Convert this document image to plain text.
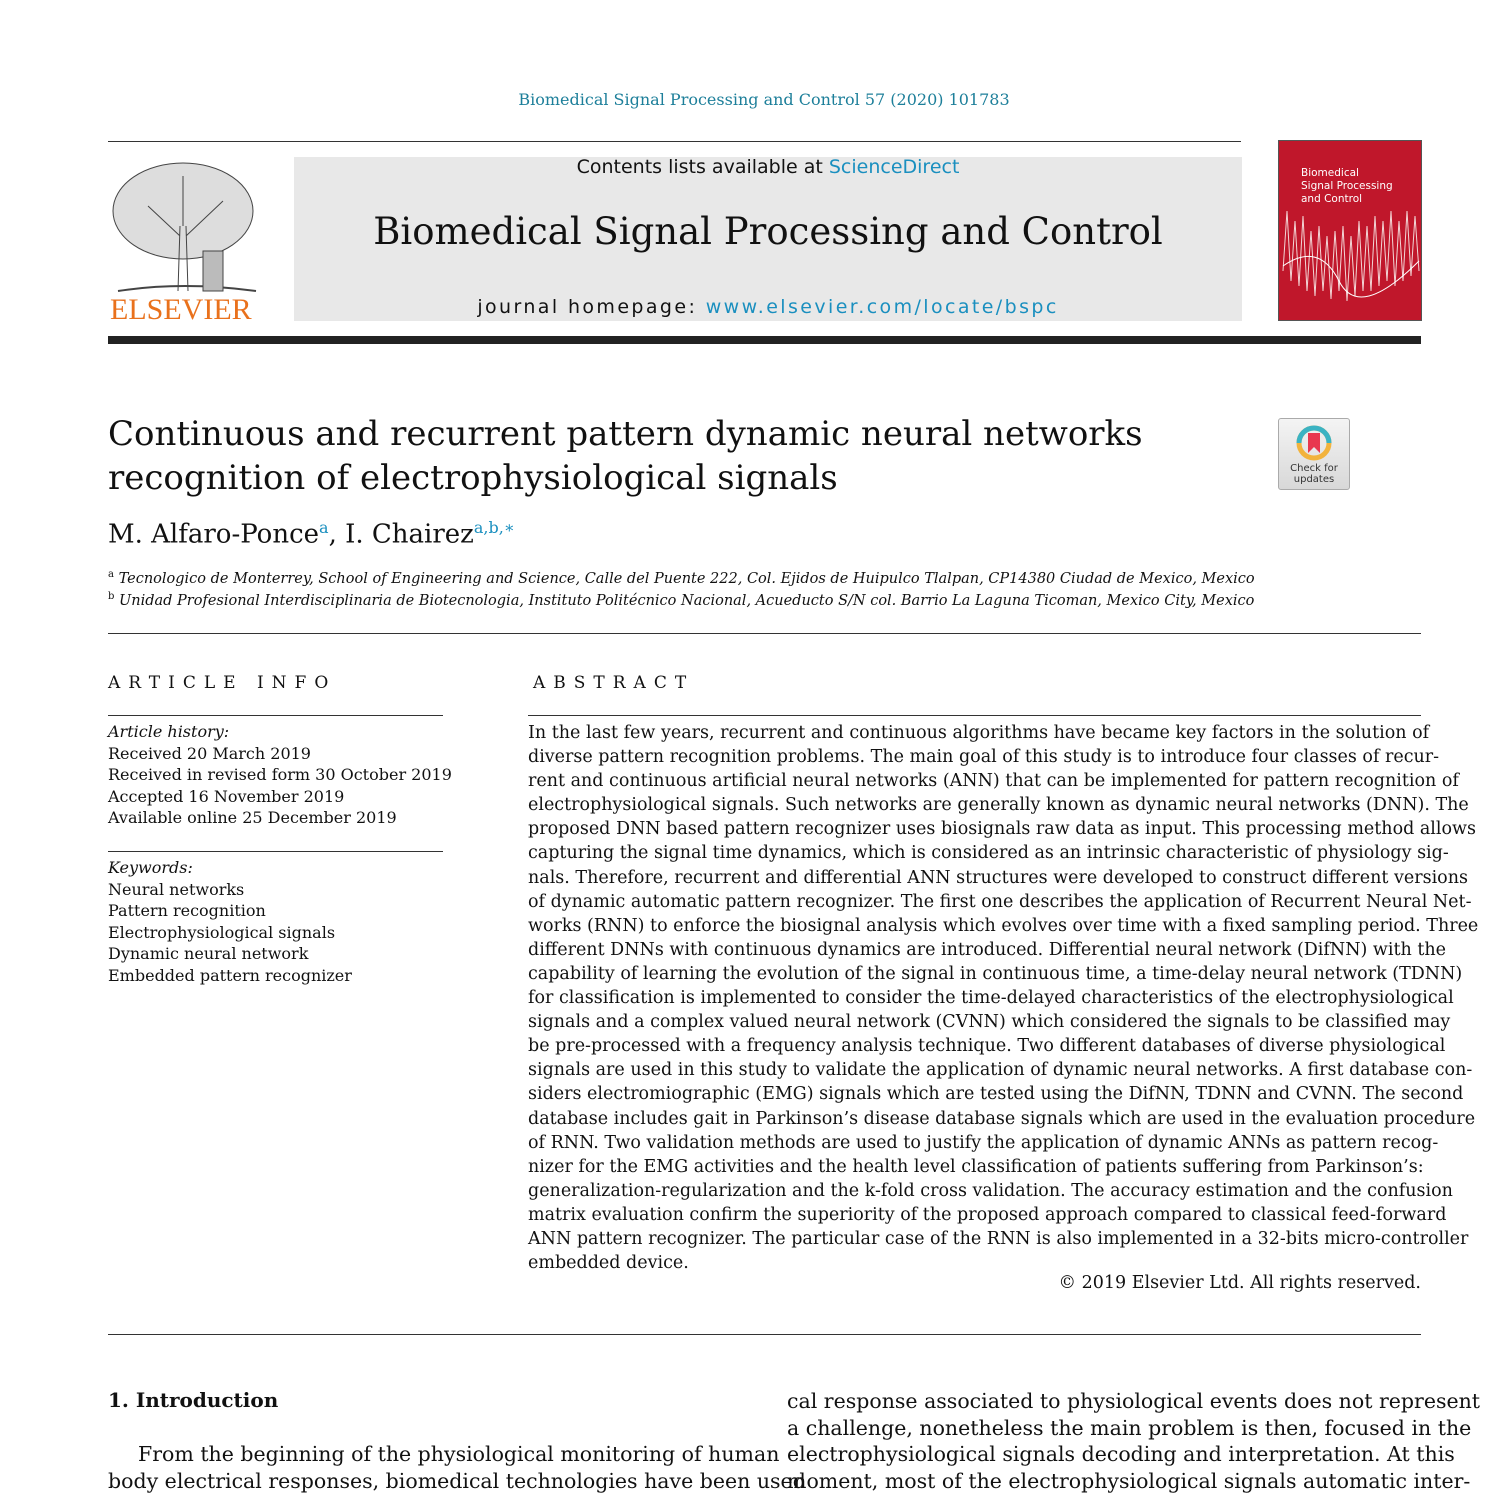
Biomedical Signal Processing and Control 57 (2020) 101783
ELSEVIER
Contents lists available at ScienceDirect
Biomedical Signal Processing and Control
journal homepage: www.elsevier.com/locate/bspc
Biomedical
Signal Processing
and Control
Continuous and recurrent pattern dynamic neural networks
recognition of electrophysiological signals	Check for updates
M. Alfaro-Ponce$^a$, I. Chairez$^{a,b,∗}$
$^a$ Tecnologico de Monterrey, School of Engineering and Science, Calle del Puente 222, Col. Ejidos de Huipulco Tlalpan, CP14380 Ciudad de Mexico, Mexico
$^b$ Unidad Profesional Interdisciplinaria de Biotecnologia, Instituto Politécnico Nacional, Acueducto S/N col. Barrio La Laguna Ticoman, Mexico City, Mexico
ARTICLE INFO
Article history:
Received 20 March 2019
Received in revised form 30 October 2019
Accepted 16 November 2019
Available online 25 December 2019
Keywords:
Neural networks
Pattern recognition
Electrophysiological signals
Dynamic neural network
Embedded pattern recognizer
ABSTRACT
In the last few years, recurrent and continuous algorithms have became key factors in the solution of
diverse pattern recognition problems. The main goal of this study is to introduce four classes of recur-
rent and continuous artificial neural networks (ANN) that can be implemented for pattern recognition of
electrophysiological signals. Such networks are generally known as dynamic neural networks (DNN). The
proposed DNN based pattern recognizer uses biosignals raw data as input. This processing method allows
capturing the signal time dynamics, which is considered as an intrinsic characteristic of physiology sig-
nals. Therefore, recurrent and differential ANN structures were developed to construct different versions
of dynamic automatic pattern recognizer. The first one describes the application of Recurrent Neural Net-
works (RNN) to enforce the biosignal analysis which evolves over time with a fixed sampling period. Three
different DNNs with continuous dynamics are introduced. Differential neural network (DifNN) with the
capability of learning the evolution of the signal in continuous time, a time-delay neural network (TDNN)
for classification is implemented to consider the time-delayed characteristics of the electrophysiological
signals and a complex valued neural network (CVNN) which considered the signals to be classified may
be pre-processed with a frequency analysis technique. Two different databases of diverse physiological
signals are used in this study to validate the application of dynamic neural networks. A first database con-
siders electromiographic (EMG) signals which are tested using the DifNN, TDNN and CVNN. The second
database includes gait in Parkinson’s disease database signals which are used in the evaluation procedure
of RNN. Two validation methods are used to justify the application of dynamic ANNs as pattern recog-
nizer for the EMG activities and the health level classification of patients suffering from Parkinson’s:
generalization-regularization and the k-fold cross validation. The accuracy estimation and the confusion
matrix evaluation confirm the superiority of the proposed approach compared to classical feed-forward
ANN pattern recognizer. The particular case of the RNN is also implemented in a 32-bits micro-controller
embedded device.
© 2019 Elsevier Ltd. All rights reserved.
1. Introduction
From the beginning of the physiological monitoring of human
body electrical responses, biomedical technologies have been used
cal response associated to physiological events does not represent
a challenge, nonetheless the main problem is then, focused in the
electrophysiological signals decoding and interpretation. At this
moment, most of the electrophysiological signals automatic inter-
